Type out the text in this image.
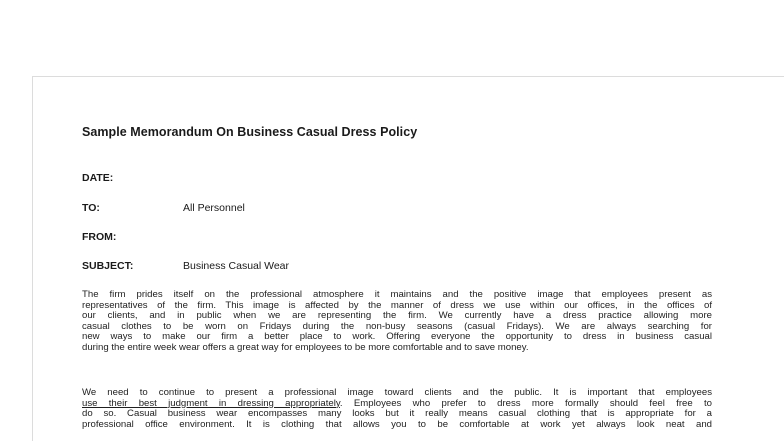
Sample Memorandum On Business Casual Dress Policy
DATE:
TO:	All Personnel
FROM:
SUBJECT:	Business Casual Wear
The firm prides itself on the professional atmosphere it maintains and the positive image that employees present as
representatives of the firm. This image is affected by the manner of dress we use within our offices, in the offices of
our clients, and in public when we are representing the firm. We currently have a dress practice allowing more
casual clothes to be worn on Fridays during the non-busy seasons (casual Fridays). We are always searching for
new ways to make our firm a better place to work. Offering everyone the opportunity to dress in business casual
during the entire week wear offers a great way for employees to be more comfortable and to save money.
We need to continue to present a professional image toward clients and the public. It is important that employees
use their best judgment in dressing appropriately. Employees who prefer to dress more formally should feel free to
do so. Casual business wear encompasses many looks but it really means casual clothing that is appropriate for a
professional office environment. It is clothing that allows you to be comfortable at work yet always look neat and
